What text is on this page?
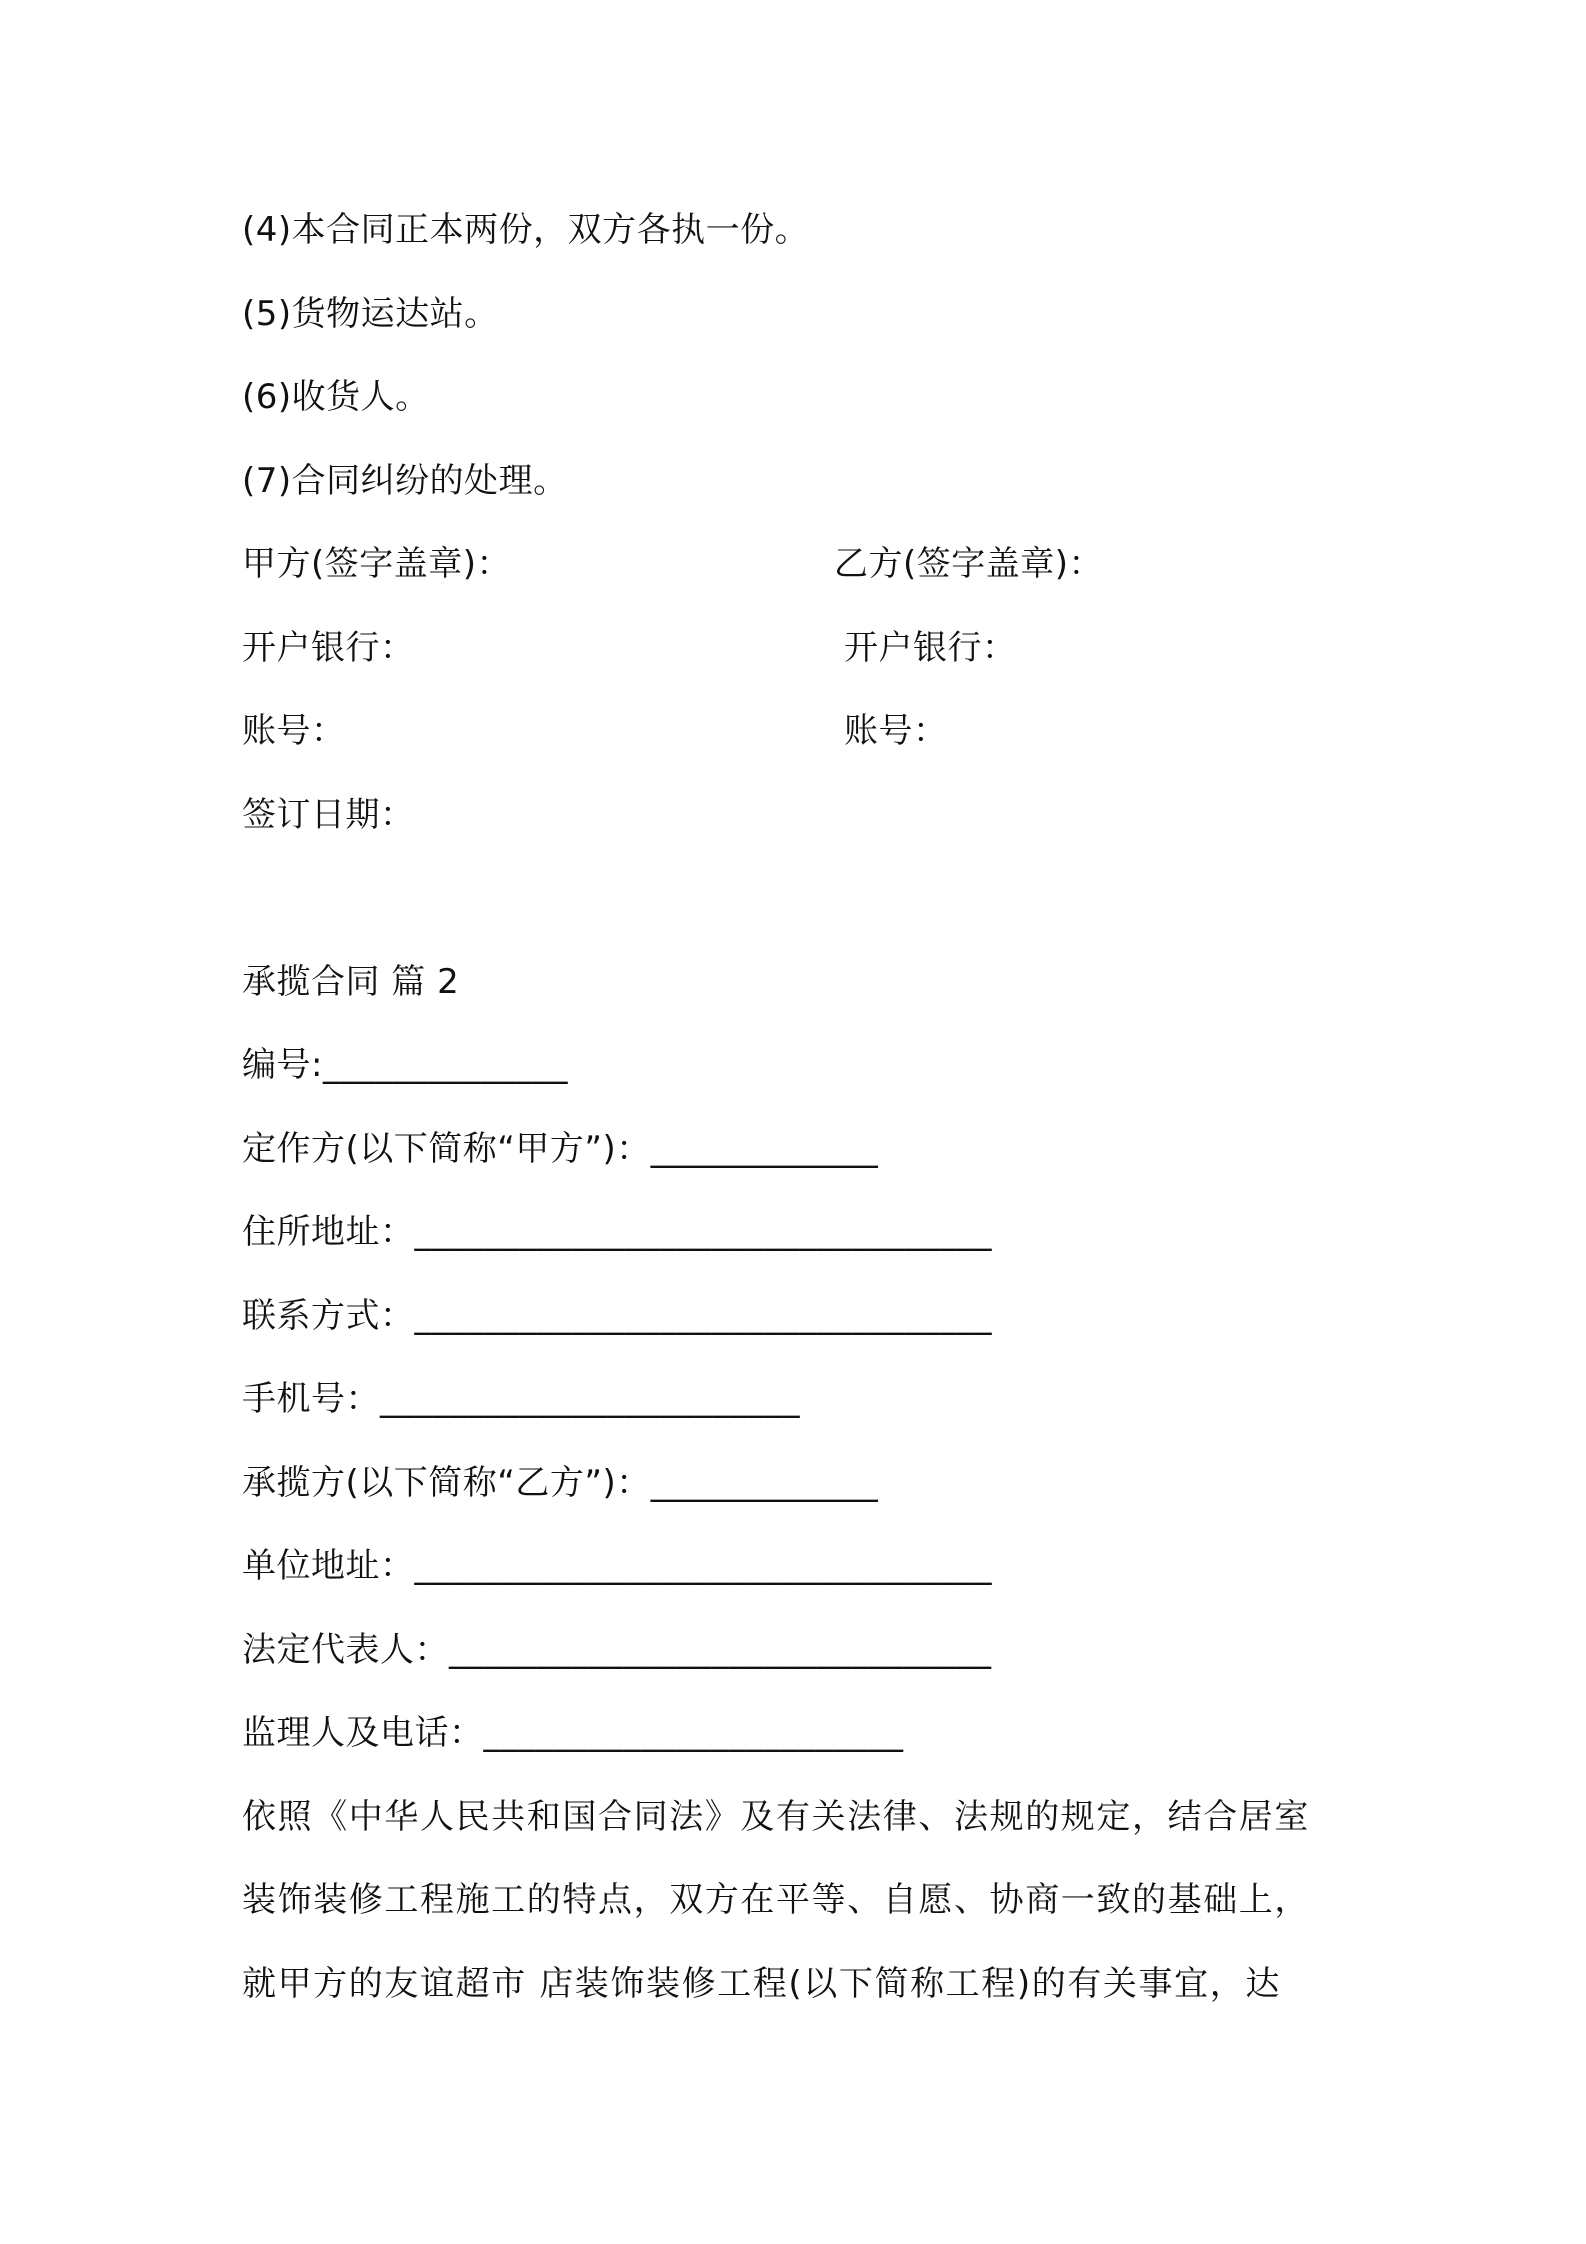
(4)本合同正本两份，双方各执一份。
(5)货物运达站。
(6)收货人。
(7)合同纠纷的处理。
甲方(签字盖章)：	乙方(签字盖章)：
开户银行：	开户银行：
账号：	账号：
签订日期：
承揽合同 篇 2
编号:______________
定作方(以下简称“甲方”)：_____________
住所地址：_________________________________
联系方式：_________________________________
手机号：________________________
承揽方(以下简称“乙方”)：_____________
单位地址：_________________________________
法定代表人：_______________________________
监理人及电话：________________________
依照《中华人民共和国合同法》及有关法律、法规的规定，结合居室
装饰装修工程施工的特点，双方在平等、自愿、协商一致的基础上，
就甲方的友谊超市 店装饰装修工程(以下简称工程)的有关事宜，达
